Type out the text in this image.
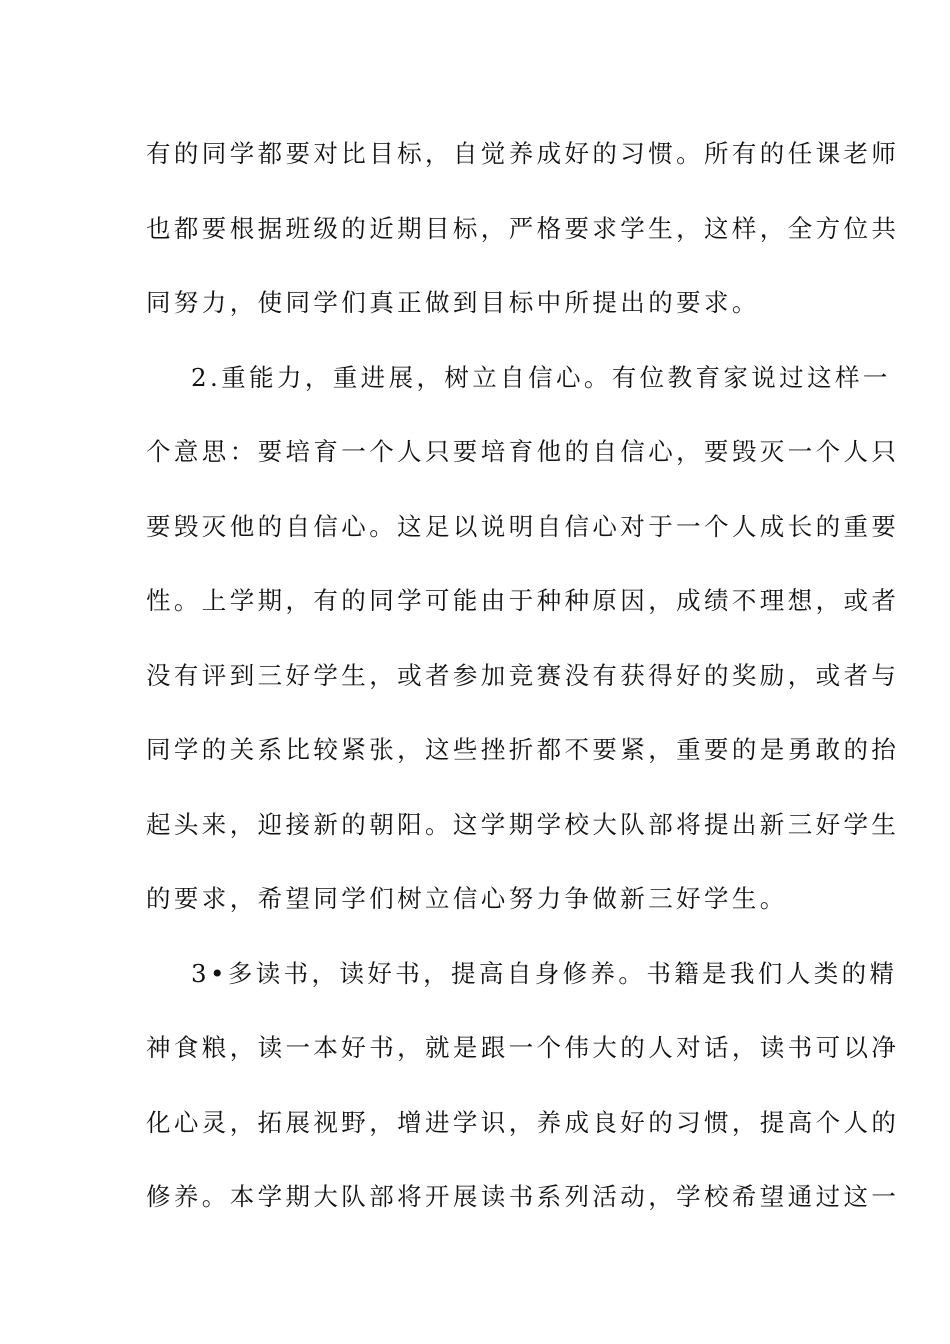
有的同学都要对比目标，自觉养成好的习惯。所有的任课老师
也都要根据班级的近期目标，严格要求学生，这样，全方位共
同努力，使同学们真正做到目标中所提出的要求。
2.重能力，重进展，树立自信心。有位教育家说过这样一
个意思：要培育一个人只要培育他的自信心，要毁灭一个人只
要毁灭他的自信心。这足以说明自信心对于一个人成长的重要
性。上学期，有的同学可能由于种种原因，成绩不理想，或者
没有评到三好学生，或者参加竞赛没有获得好的奖励，或者与
同学的关系比较紧张，这些挫折都不要紧，重要的是勇敢的抬
起头来，迎接新的朝阳。这学期学校大队部将提出新三好学生
的要求，希望同学们树立信心努力争做新三好学生。
3•多读书，读好书，提高自身修养。书籍是我们人类的精
神食粮，读一本好书，就是跟一个伟大的人对话，读书可以净
化心灵，拓展视野，增进学识，养成良好的习惯，提高个人的
修养。本学期大队部将开展读书系列活动，学校希望通过这一
